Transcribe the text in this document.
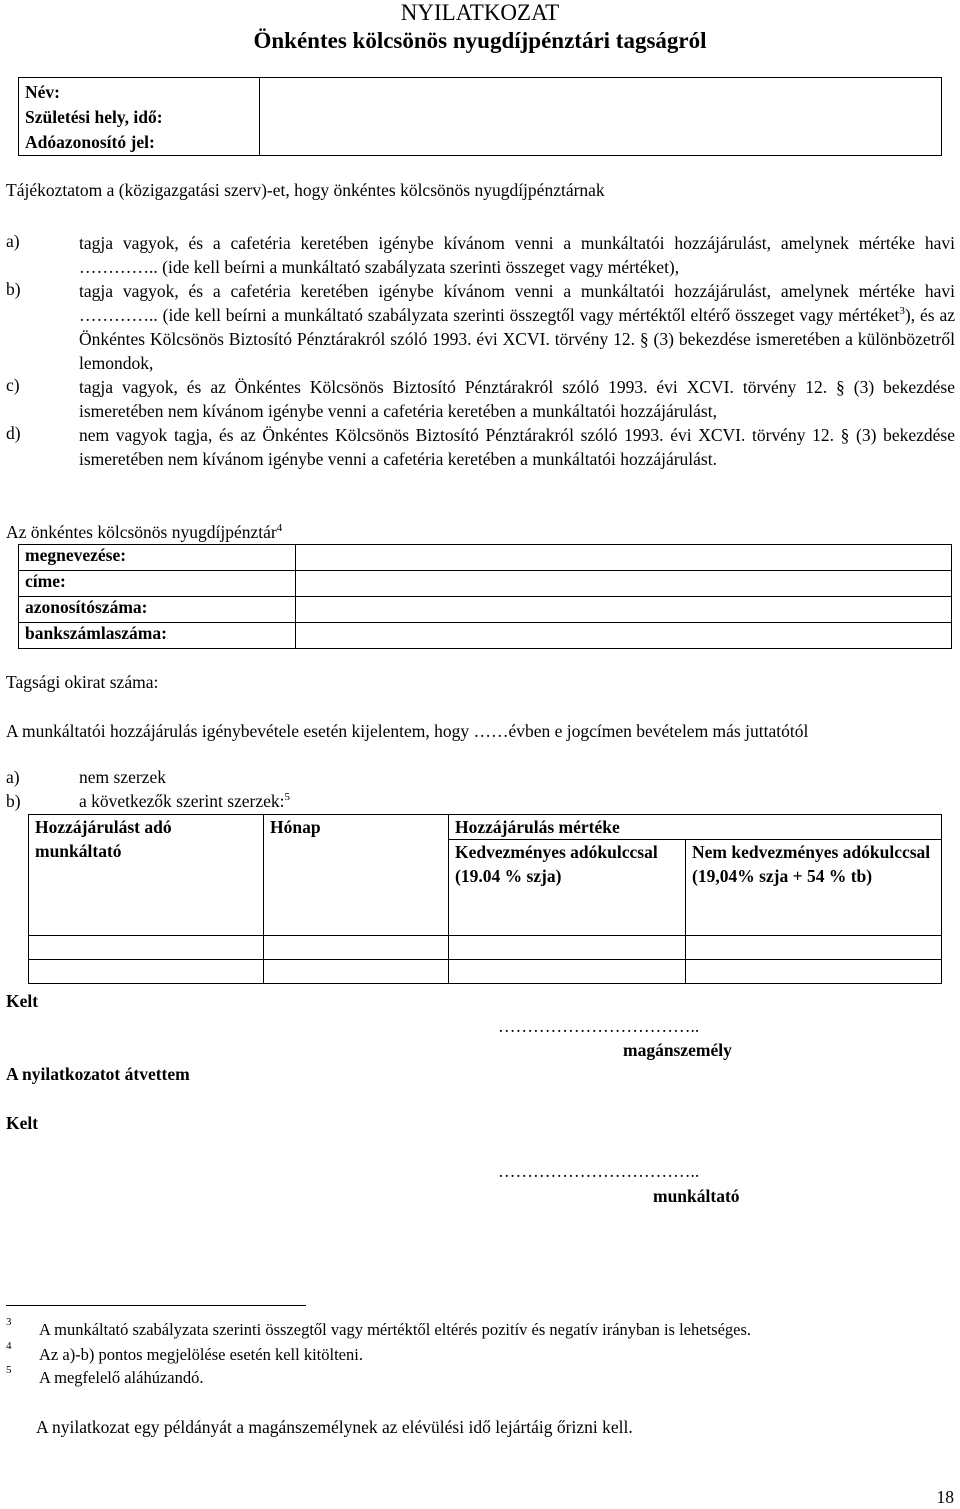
NYILATKOZAT
Önkéntes kölcsönös nyugdíjpénztári tagságról
Név:
Születési hely, idő:
Adóazonosító jel:

Tájékoztatom a (közigazgatási szerv)-et, hogy önkéntes kölcsönös nyugdíjpénztárnak
a)	tagja vagyok, és a cafetéria keretében igénybe kívánom venni a munkáltatói hozzájárulást, amelynek mértéke havi ………….. (ide kell beírni a munkáltató szabályzata szerinti összeget vagy mértéket),
b)	tagja vagyok, és a cafetéria keretében igénybe kívánom venni a munkáltatói hozzájárulást, amelynek mértéke havi ………….. (ide kell beírni a munkáltató szabályzata szerinti összegtől vagy mértéktől eltérő összeget vagy mértéket$^3$), és az Önkéntes Kölcsönös Biztosító Pénztárakról szóló 1993. évi XCVI. törvény 12. § (3) bekezdése ismeretében a különbözetről lemondok,
c)	tagja vagyok, és az Önkéntes Kölcsönös Biztosító Pénztárakról szóló 1993. évi XCVI. törvény 12. § (3) bekezdése ismeretében nem kívánom igénybe venni a cafetéria keretében a munkáltatói hozzájárulást,
d)	nem vagyok tagja, és az Önkéntes Kölcsönös Biztosító Pénztárakról szóló 1993. évi XCVI. törvény 12. § (3) bekezdése ismeretében nem kívánom igénybe venni a cafetéria keretében a munkáltatói hozzájárulást.
Az önkéntes kölcsönös nyugdíjpénztár$^4$
megnevezése:	
címe:	
azonosítószáma:	
bankszámlaszáma:	
Tagsági okirat száma:
A munkáltatói hozzájárulás igénybevétele esetén kijelentem, hogy ……évben e jogcímen bevételem más juttatótól
a)	nem szerzek
b)	a következők szerint szerzek:$^5$
Hozzájárulást adó munkáltató	Hónap	Hozzájárulás mértéke	
		Kedvezményes adókulccsal (19.04 % szja)	Nem kedvezményes adókulccsal (19,04% szja + 54 % tb)

Kelt
……………………………..
magánszemély
A nyilatkozatot átvettem
Kelt
……………………………..
munkáltató
3 A munkáltató szabályzata szerinti összegtől vagy mértéktől eltérés pozitív és negatív irányban is lehetséges.
4 Az a)-b) pontos megjelölése esetén kell kitölteni.
5 A megfelelő aláhúzandó.
A nyilatkozat egy példányát a magánszemélynek az elévülési idő lejártáig őrizni kell.
18
